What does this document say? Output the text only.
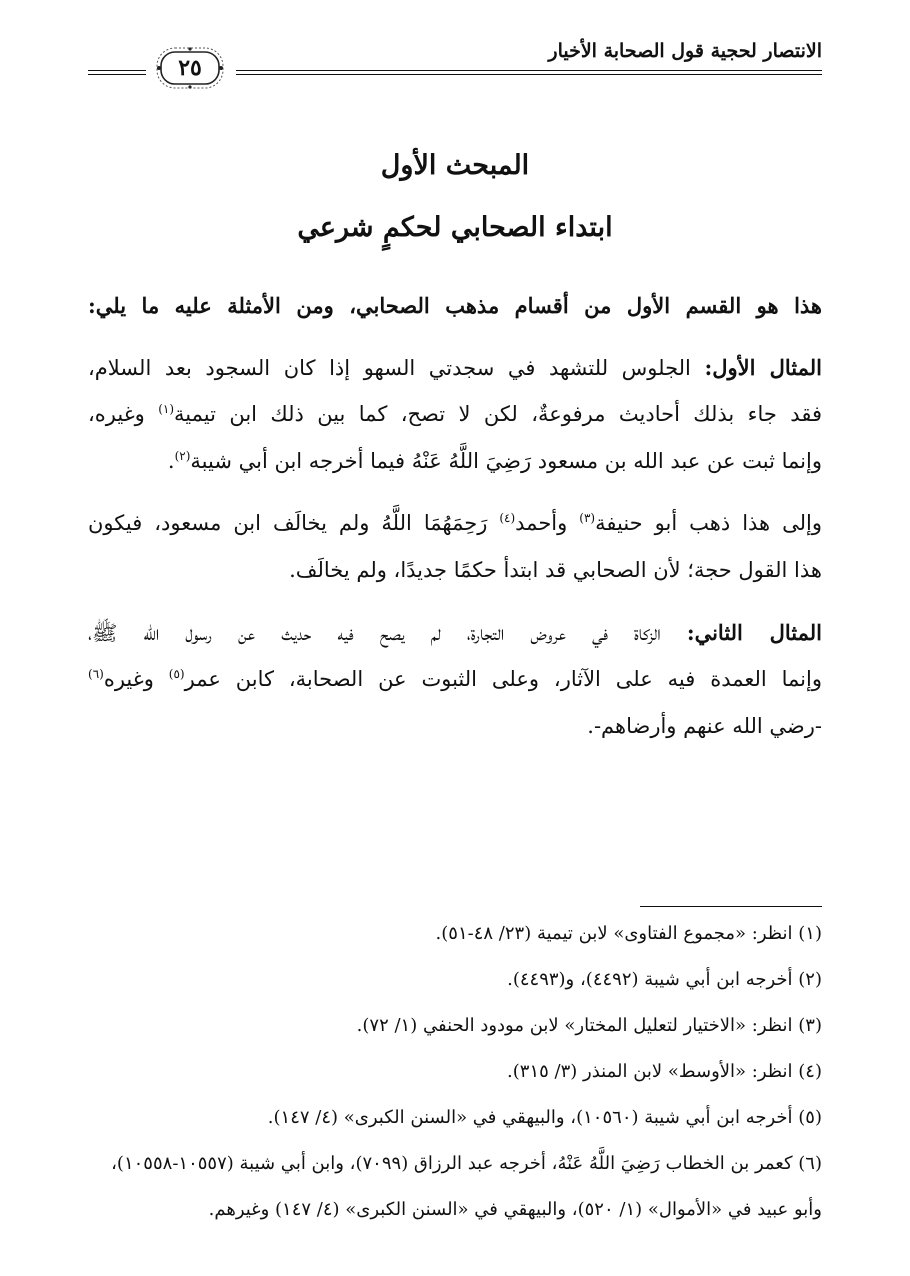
الانتصار لحجية قول الصحابة الأخيار
٢٥
المبحث الأول
ابتداء الصحابي لحكمٍ شرعي
هذا هو القسم الأول من أقسام مذهب الصحابي، ومن الأمثلة عليه ما يلي:
المثال الأول: الجلوس للتشهد في سجدتي السهو إذا كان السجود بعد السلام،
فقد جاء بذلك أحاديث مرفوعةٌ، لكن لا تصح، كما بين ذلك ابن تيمية$^{(١)}$ وغيره،
وإنما ثبت عن عبد الله بن مسعود رَضِيَ اللَّهُ عَنْهُ فيما أخرجه ابن أبي شيبة$^{(٢)}$.
وإلى هذا ذهب أبو حنيفة$^{(٣)}$ وأحمد$^{(٤)}$ رَحِمَهُمَا اللَّهُ ولم يخالَف ابن مسعود، فيكون
هذا القول حجة؛ لأن الصحابي قد ابتدأ حكمًا جديدًا، ولم يخالَف.
المثال الثاني: الزكاة في عروض التجارة، لم يصح فيه حديث عن رسول الله ﷺ،
وإنما العمدة فيه على الآثار، وعلى الثبوت عن الصحابة، كابن عمر$^{(٥)}$ وغيره$^{(٦)}$
-رضي الله عنهم وأرضاهم-.
(١) انظر: «مجموع الفتاوى» لابن تيمية (٢٣/ ٤٨-٥١).
(٢) أخرجه ابن أبي شيبة (٤٤٩٢)، و(٤٤٩٣).
(٣) انظر: «الاختيار لتعليل المختار» لابن مودود الحنفي (١/ ٧٢).
(٤) انظر: «الأوسط» لابن المنذر (٣/ ٣١٥).
(٥) أخرجه ابن أبي شيبة (١٠٥٦٠)، والبيهقي في «السنن الكبرى» (٤/ ١٤٧).
(٦) كعمر بن الخطاب رَضِيَ اللَّهُ عَنْهُ، أخرجه عبد الرزاق (٧٠٩٩)، وابن أبي شيبة (١٠٥٥٧-١٠٥٥٨)،
وأبو عبيد في «الأموال» (١/ ٥٢٠)، والبيهقي في «السنن الكبرى» (٤/ ١٤٧) وغيرهم.
